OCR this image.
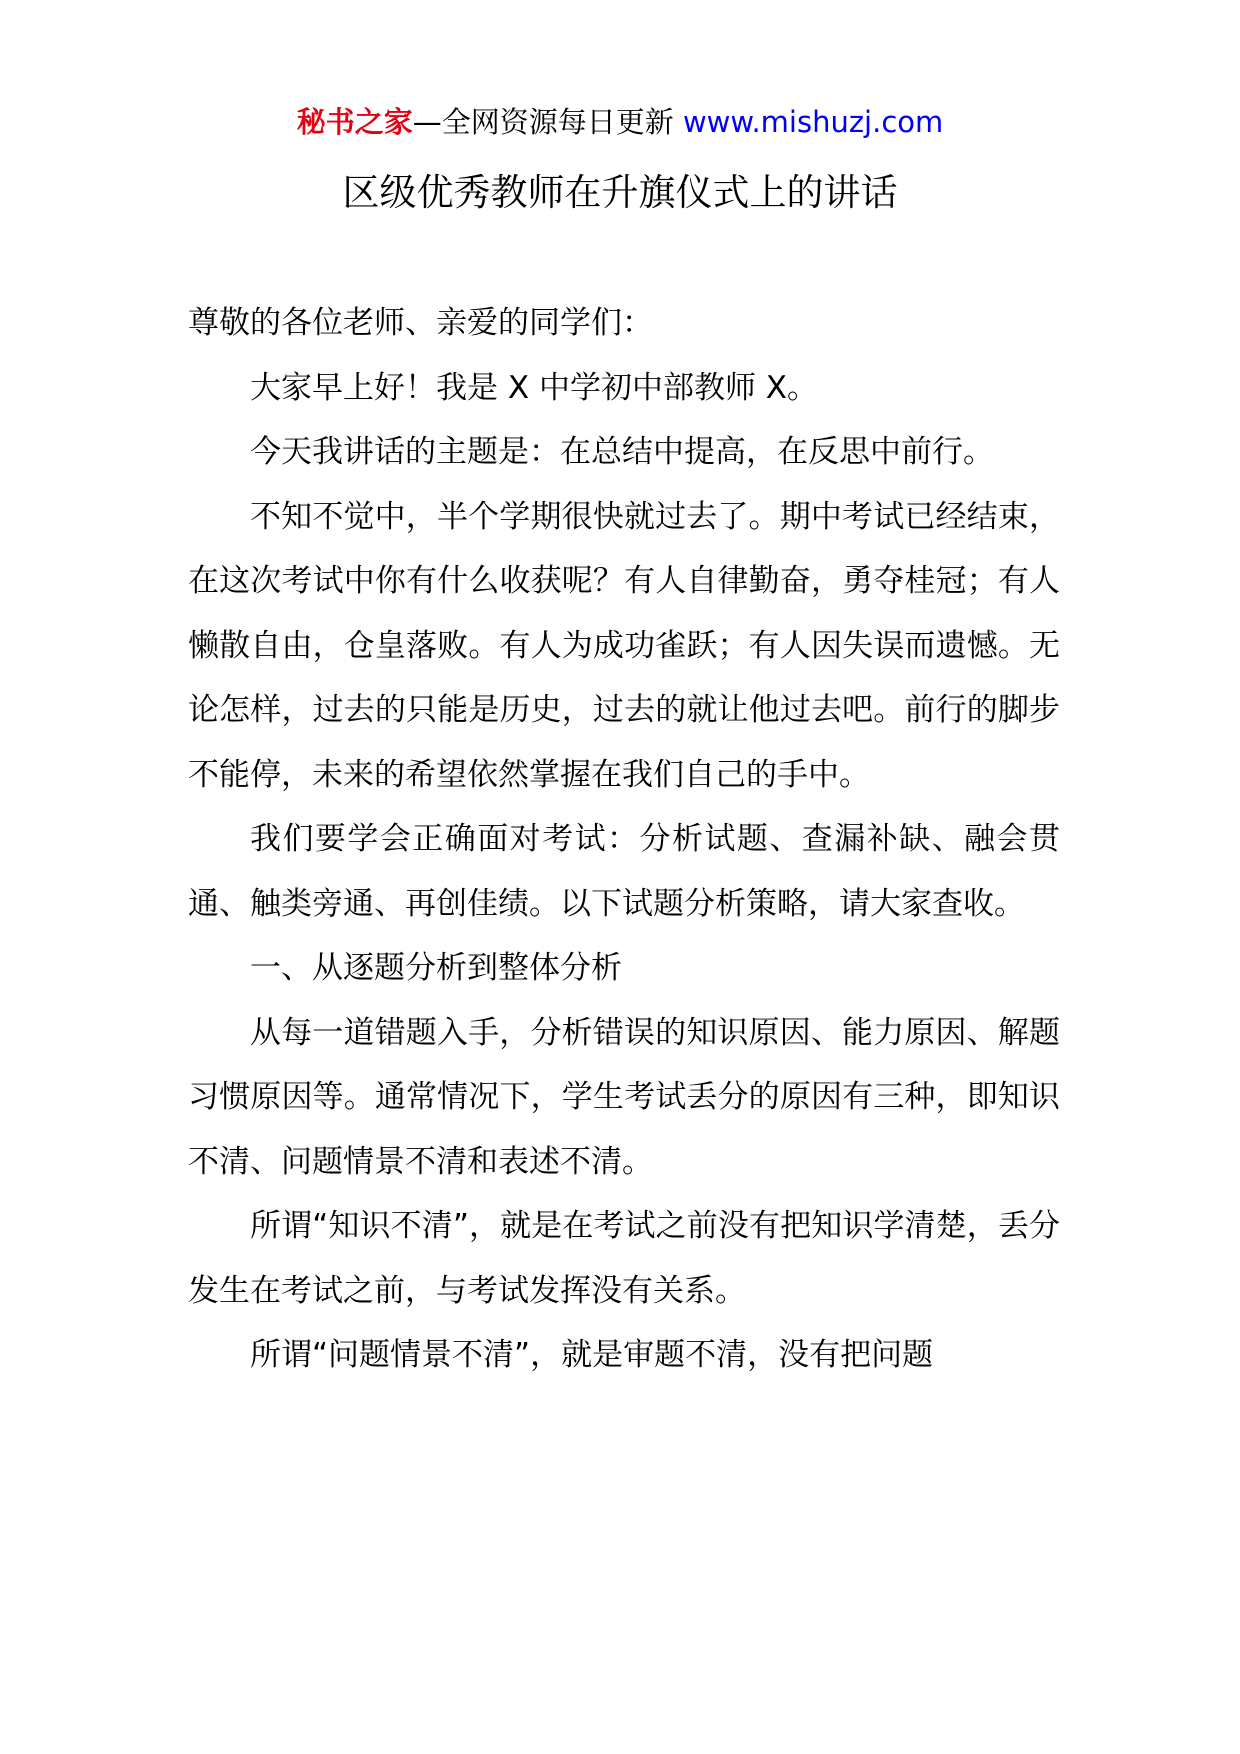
秘书之家—全网资源每日更新 www.mishuzj.com
区级优秀教师在升旗仪式上的讲话

尊敬的各位老师、亲爱的同学们：

大家早上好！我是 X 中学初中部教师 X。

今天我讲话的主题是：在总结中提高，在反思中前行。

不知不觉中，半个学期很快就过去了。期中考试已经结束，在这次考试中你有什么收获呢？有人自律勤奋，勇夺桂冠；有人懒散自由，仓皇落败。有人为成功雀跃；有人因失误而遗憾。无论怎样，过去的只能是历史，过去的就让他过去吧。前行的脚步不能停，未来的希望依然掌握在我们自己的手中。

我们要学会正确面对考试：分析试题、查漏补缺、融会贯通、触类旁通、再创佳绩。以下试题分析策略，请大家查收。

一、从逐题分析到整体分析

从每一道错题入手，分析错误的知识原因、能力原因、解题习惯原因等。通常情况下，学生考试丢分的原因有三种，即知识不清、问题情景不清和表述不清。

所谓“知识不清”，就是在考试之前没有把知识学清楚，丢分发生在考试之前，与考试发挥没有关系。

所谓“问题情景不清”，就是审题不清，没有把问题
